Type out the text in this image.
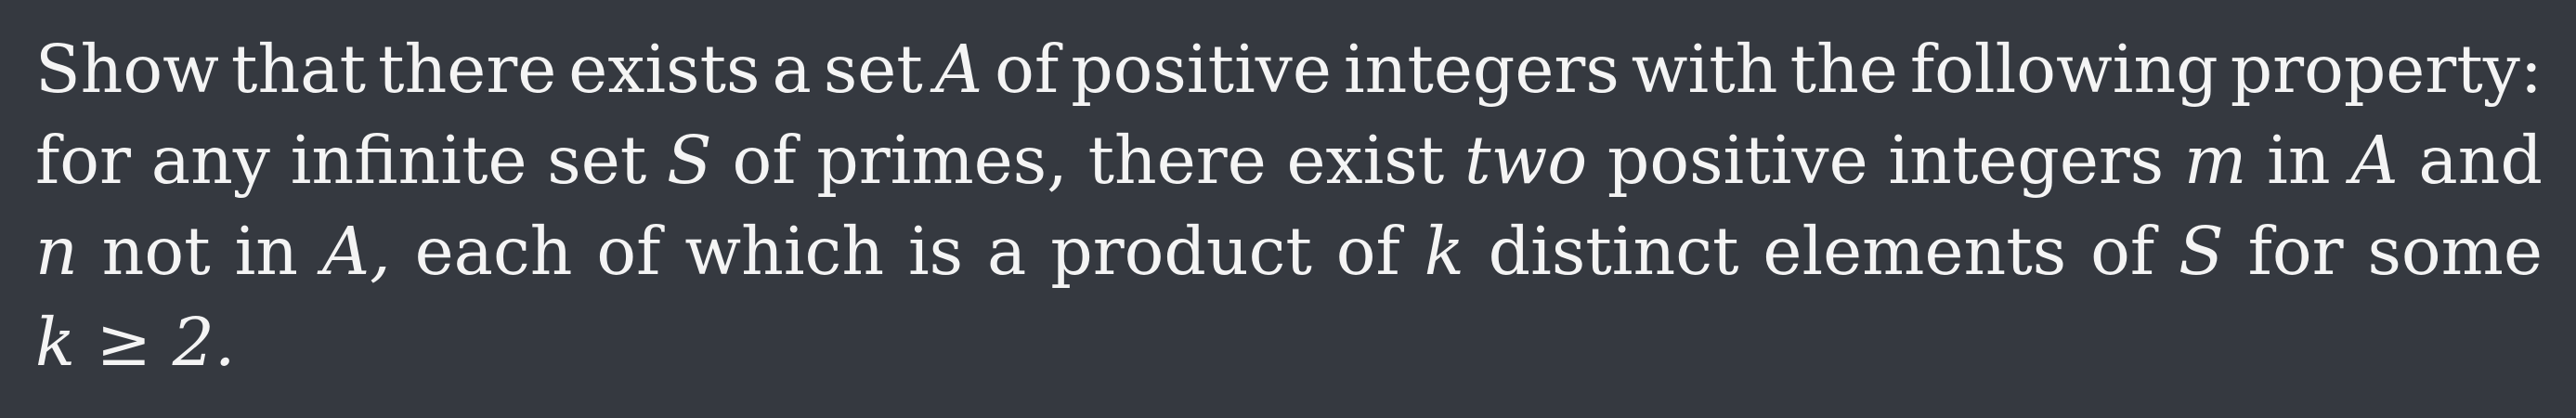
Show that there exists a set A of positive integers with the following property:
for any infinite set S of primes, there exist two positive integers m in A and
n not in A, each of which is a product of k distinct elements of S for some
k ≥ 2.
